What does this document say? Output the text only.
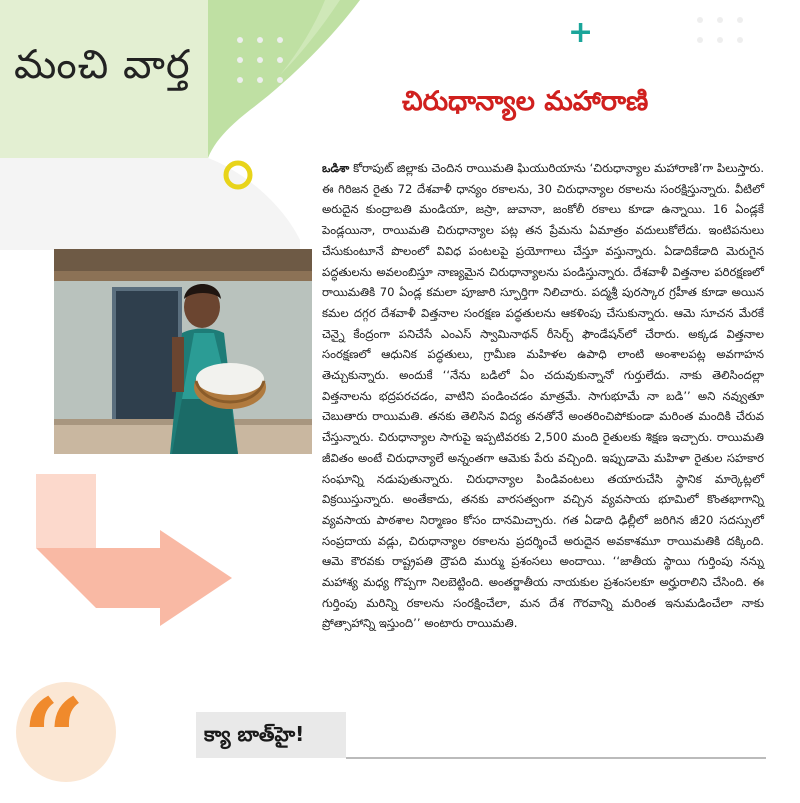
మంచి వార్త
+
చిరుధాన్యాల మహారాణి

ఒడిశా కోరాపుట్ జిల్లాకు చెందిన రాయిమతి ఘియురియాను ‘చిరుధాన్యాల మహారాణి’గా పిలుస్తారు. ఈ గిరిజన రైతు 72 దేశవాళీ ధాన్యం రకాలను, 30 చిరుధాన్యాల రకాలను సంరక్షిస్తున్నారు. వీటిలో అరుదైన కుంద్రాబతి మండియా, జస్రా, జువానా, జంకోలీ రకాలు కూడా ఉన్నాయి. 16 ఏండ్లకే పెండ్లయినా, రాయిమతి చిరుధాన్యాల పట్ల తన ప్రేమను ఏమాత్రం వదులుకోలేదు. ఇంటిపనులు చేసుకుంటూనే పొలంలో వివిధ పంటలపై ప్రయోగాలు చేస్తూ వస్తున్నారు. ఏడాదికేడాది మెరుగైన పద్ధతులను అవలంబిస్తూ నాణ్యమైన చిరుధాన్యాలను పండిస్తున్నారు. దేశవాళీ విత్తనాల పరిరక్షణలో రాయిమతికి 70 ఏండ్ల కమలా పూజారి స్ఫూర్తిగా నిలిచారు. పద్మశ్రీ పురస్కార గ్రహీత కూడా అయిన కమల దగ్గర దేశవాళీ విత్తనాల సంరక్షణ పద్ధతులను ఆకళింపు చేసుకున్నారు. ఆమె సూచన మేరకే చెన్నై కేంద్రంగా పనిచేసే ఎంఎస్ స్వామినాథన్ రీసెర్చ్ ఫౌండేషన్‌లో చేరారు. అక్కడ విత్తనాల సంరక్షణలో ఆధునిక పద్ధతులు, గ్రామీణ మహిళల ఉపాధి లాంటి అంశాలపట్ల అవగాహన తెచ్చుకున్నారు. అందుకే ‘‘నేను బడిలో ఏం చదువుకున్నానో గుర్తులేదు. నాకు తెలిసిందల్లా విత్తనాలను భద్రపరచడం, వాటిని పండించడం మాత్రమే. సాగుభూమే నా బడి’’ అని నవ్వుతూ చెబుతారు రాయిమతి. తనకు తెలిసిన విద్య తనతోనే అంతరించిపోకుండా మరింత మందికి చేరువ చేస్తున్నారు. చిరుధాన్యాల సాగుపై ఇప్పటివరకు 2,500 మంది రైతులకు శిక్షణ ఇచ్చారు. రాయిమతి జీవితం అంటే చిరుధాన్యాలే అన్నంతగా ఆమెకు పేరు వచ్చింది. ఇప్పుడామె మహిళా రైతుల సహకార సంఘాన్ని నడుపుతున్నారు. చిరుధాన్యాల పిండివంటలు తయారుచేసి స్థానిక మార్కెట్లలో విక్రయిస్తున్నారు. అంతేకాదు, తనకు వారసత్వంగా వచ్చిన వ్యవసాయ భూమిలో కొంతభాగాన్ని వ్యవసాయ పాఠశాల నిర్మాణం కోసం దానమిచ్చారు. గత ఏడాది ఢిల్లీలో జరిగిన జీ20 సదస్సులో సంప్రదాయ వడ్లు, చిరుధాన్యాల రకాలను ప్రదర్శించే అరుదైన అవకాశమూ రాయిమతికి దక్కింది. ఆమె కౌరవకు రాష్ట్రపతి ద్రౌపది ముర్ము ప్రశంసలు అందాయి. ‘‘జాతీయ స్థాయి గుర్తింపు నన్ను మహాశ్య మధ్య గొప్పగా నిలబెట్టింది. అంతర్జాతీయ నాయకుల ప్రశంసలకూ అర్హురాలిని చేసింది. ఈ గుర్తింపు మరిన్ని రకాలను సంరక్షించేలా, మన దేశ గౌరవాన్ని మరింత ఇనుమడించేలా నాకు ప్రోత్సాహాన్ని ఇస్తుంది’’ అంటారు రాయిమతి.

“	క్యా బాత్‌హై!
